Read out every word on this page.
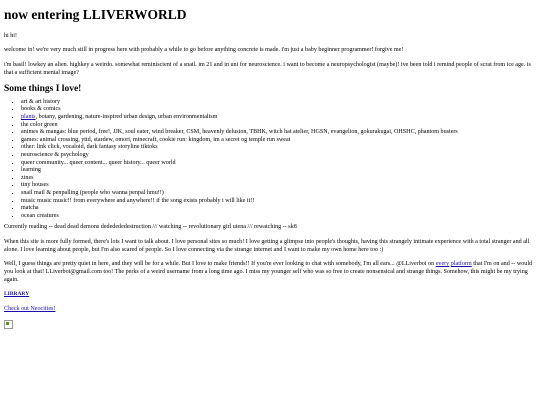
now entering LLIVERWORLD

hi hi!

welcome in! we're very much still in progress here with probably a while to go before anything concrete is made. i'm just a baby beginner programmer! forgive me!

i'm basil! lowkey an alien. highkey a weirdo. somewhat reminiscient of a snail. im 21 and in uni for neuroscience. i want to become a neuropsychologist (maybe)! ive been told i remind people of scrat from ice age. is that a sufficient mental image?

Some things I love!
• art & art history
• books & comics
• plants, botany, gardening, nature-inspired urban design, urban environmentalism
• the color green
• animes & mangas: blue period, free!, JJK, soul eater, wind breaker, CSM, heavenly delusion, TBHK, witch hat atelier, HGSN, evangelion, gokurakugai, OHSHC, phantom busters
• games: animal crossing, yttd, stardew, omori, minecraft, cookie run: kingdom, im a secret og temple run sweat
• other: link click, vocaloid, dark fantasy storyline tiktoks
• neuroscience & psychology
• queer community... queer content... queer history... queer world
• learning
• zines
• tiny houses
• snail mail & penpalling (people who wanna penpal hmu!!)
• music music music!! from everywhere and anywhere!! if the song exists probably i will like it!!
• matcha
• ocean creatures

Currently reading -- dead dead demons dededededestruction /// watching -- revolutionary girl utena /// rewatching -- sk8

When this site is more fully formed, there's lots I want to talk about. I love personal sites so much! I love getting a glimpse into people's thoughts, having this strangely intimate experience with a total stranger and all alone. I love learning about people, but I'm also scared of people. So I love connecting via the strange internet and I want to make my own home here too :)

Well, I guess things are pretty quiet in here, and they will be for a while. But I love to make friends!! If you're ever looking to chat with somebody, I'm all ears... @LLiverboi on every platform that I'm on and -- would you look at that! LLiverboi@gmail.com too! The perks of a weird username from a long time ago. I miss my younger self who was so free to create nonsensical and strange things. Somehow, this might be my trying again.

LIBRARY

Check out Neocities!
